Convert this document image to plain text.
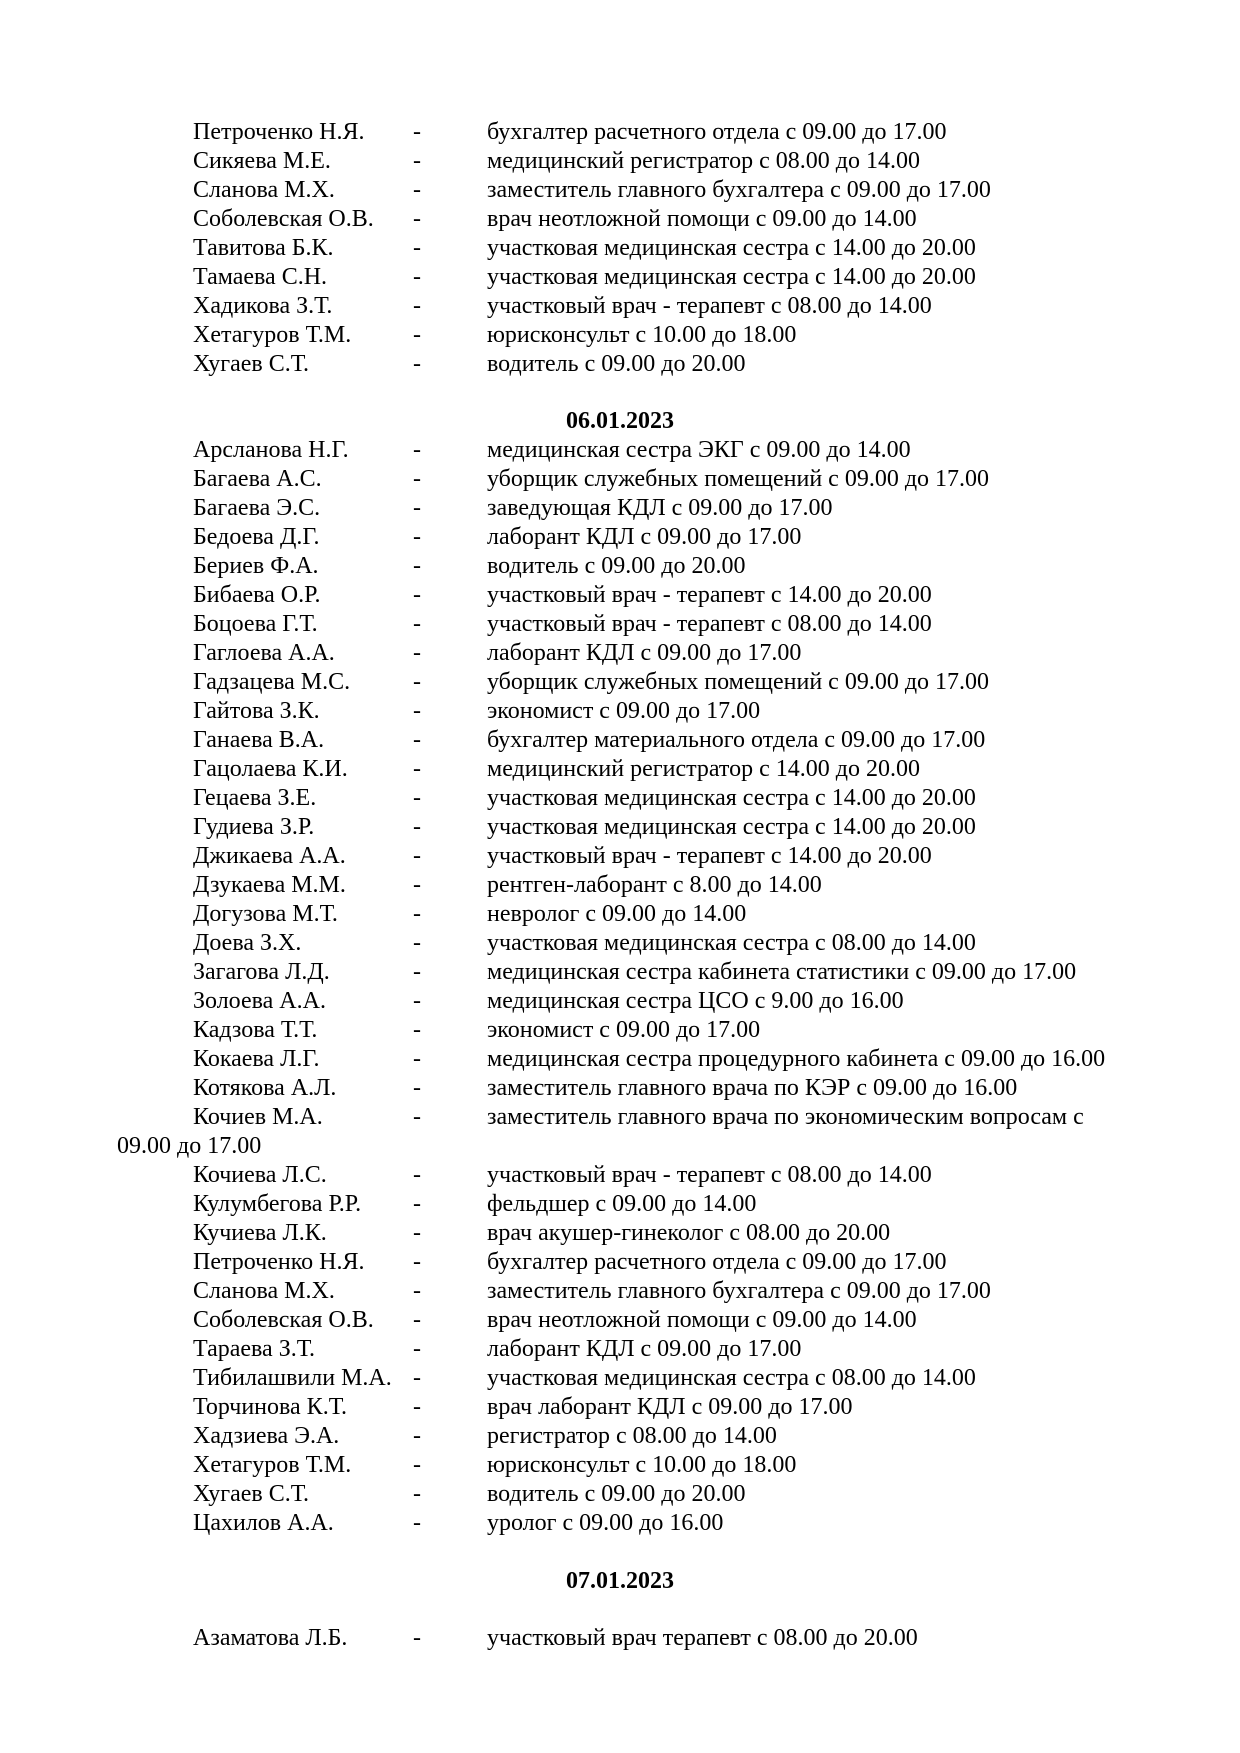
Петроченко Н.Я. -	бухгалтер расчетного отдела с 09.00 до 17.00
Сикяева М.Е.	-	медицинский регистратор с 08.00 до 14.00
Сланова М.Х.	-	заместитель главного бухгалтера с 09.00 до 17.00
Соболевская О.В. -	врач неотложной помощи с 09.00 до 14.00
Тавитова Б.К.	-	участковая медицинская сестра с 14.00 до 20.00
Тамаева С.Н.	-	участковая медицинская сестра с 14.00 до 20.00
Хадикова З.Т.	-	участковый врач - терапевт с 08.00 до 14.00
Хетагуров Т.М.	-	юрисконсульт с 10.00 до 18.00
Хугаев С.Т.	-	водитель с 09.00 до 20.00
06.01.2023
Арсланова Н.Г.	-	медицинская сестра ЭКГ с 09.00 до 14.00
Багаева А.С.	-	уборщик служебных помещений с 09.00 до 17.00
Багаева Э.С.	-	заведующая КДЛ с 09.00 до 17.00
Бедоева Д.Г.	-	лаборант КДЛ с 09.00 до 17.00
Бериев Ф.А.	-	водитель с 09.00 до 20.00
Бибаева О.Р.	-	участковый врач - терапевт с 14.00 до 20.00
Боцоева Г.Т.	-	участковый врач - терапевт с 08.00 до 14.00
Гаглоева А.А.	-	лаборант КДЛ с 09.00 до 17.00
Гадзацева М.С.	-	уборщик служебных помещений с 09.00 до 17.00
Гайтова З.К.	-	экономист с 09.00 до 17.00
Ганаева В.А.	-	бухгалтер материального отдела с 09.00 до 17.00
Гацолаева К.И.	-	медицинский регистратор с 14.00 до 20.00
Гецаева З.Е.	-	участковая медицинская сестра с 14.00 до 20.00
Гудиева З.Р.	-	участковая медицинская сестра с 14.00 до 20.00
Джикаева А.А.	-	участковый врач - терапевт с 14.00 до 20.00
Дзукаева М.М.	-	рентген-лаборант с 8.00 до 14.00
Догузова М.Т.	-	невролог с 09.00 до 14.00
Доева З.Х.	-	участковая медицинская сестра с 08.00 до 14.00
Загагова Л.Д.	-	медицинская сестра кабинета статистики с 09.00 до 17.00
Золоева А.А.	-	медицинская сестра ЦСО с 9.00 до 16.00
Кадзова Т.Т.	-	экономист с 09.00 до 17.00
Кокаева Л.Г.	-	медицинская сестра процедурного кабинета с 09.00 до 16.00
Котякова А.Л.	-	заместитель главного врача по КЭР с 09.00 до 16.00
Кочиев М.А.	-	заместитель главного врача по экономическим вопросам с
09.00 до 17.00
Кочиева Л.С.	-	участковый врач - терапевт с 08.00 до 14.00
Кулумбегова Р.Р. -	фельдшер с 09.00 до 14.00
Кучиева Л.К.	-	врач акушер-гинеколог с 08.00 до 20.00
Петроченко Н.Я. -	бухгалтер расчетного отдела с 09.00 до 17.00
Сланова М.Х.	-	заместитель главного бухгалтера с 09.00 до 17.00
Соболевская О.В. -	врач неотложной помощи с 09.00 до 14.00
Тараева З.Т.	-	лаборант КДЛ с 09.00 до 17.00
Тибилашвили М.А. -	участковая медицинская сестра с 08.00 до 14.00
Торчинова К.Т.	-	врач лаборант КДЛ с 09.00 до 17.00
Хадзиева Э.А.	-	регистратор с 08.00 до 14.00
Хетагуров Т.М.	-	юрисконсульт с 10.00 до 18.00
Хугаев С.Т.	-	водитель с 09.00 до 20.00
Цахилов А.А.	-	уролог с 09.00 до 16.00
07.01.2023
Азаматова Л.Б.	-	участковый врач терапевт с 08.00 до 20.00
